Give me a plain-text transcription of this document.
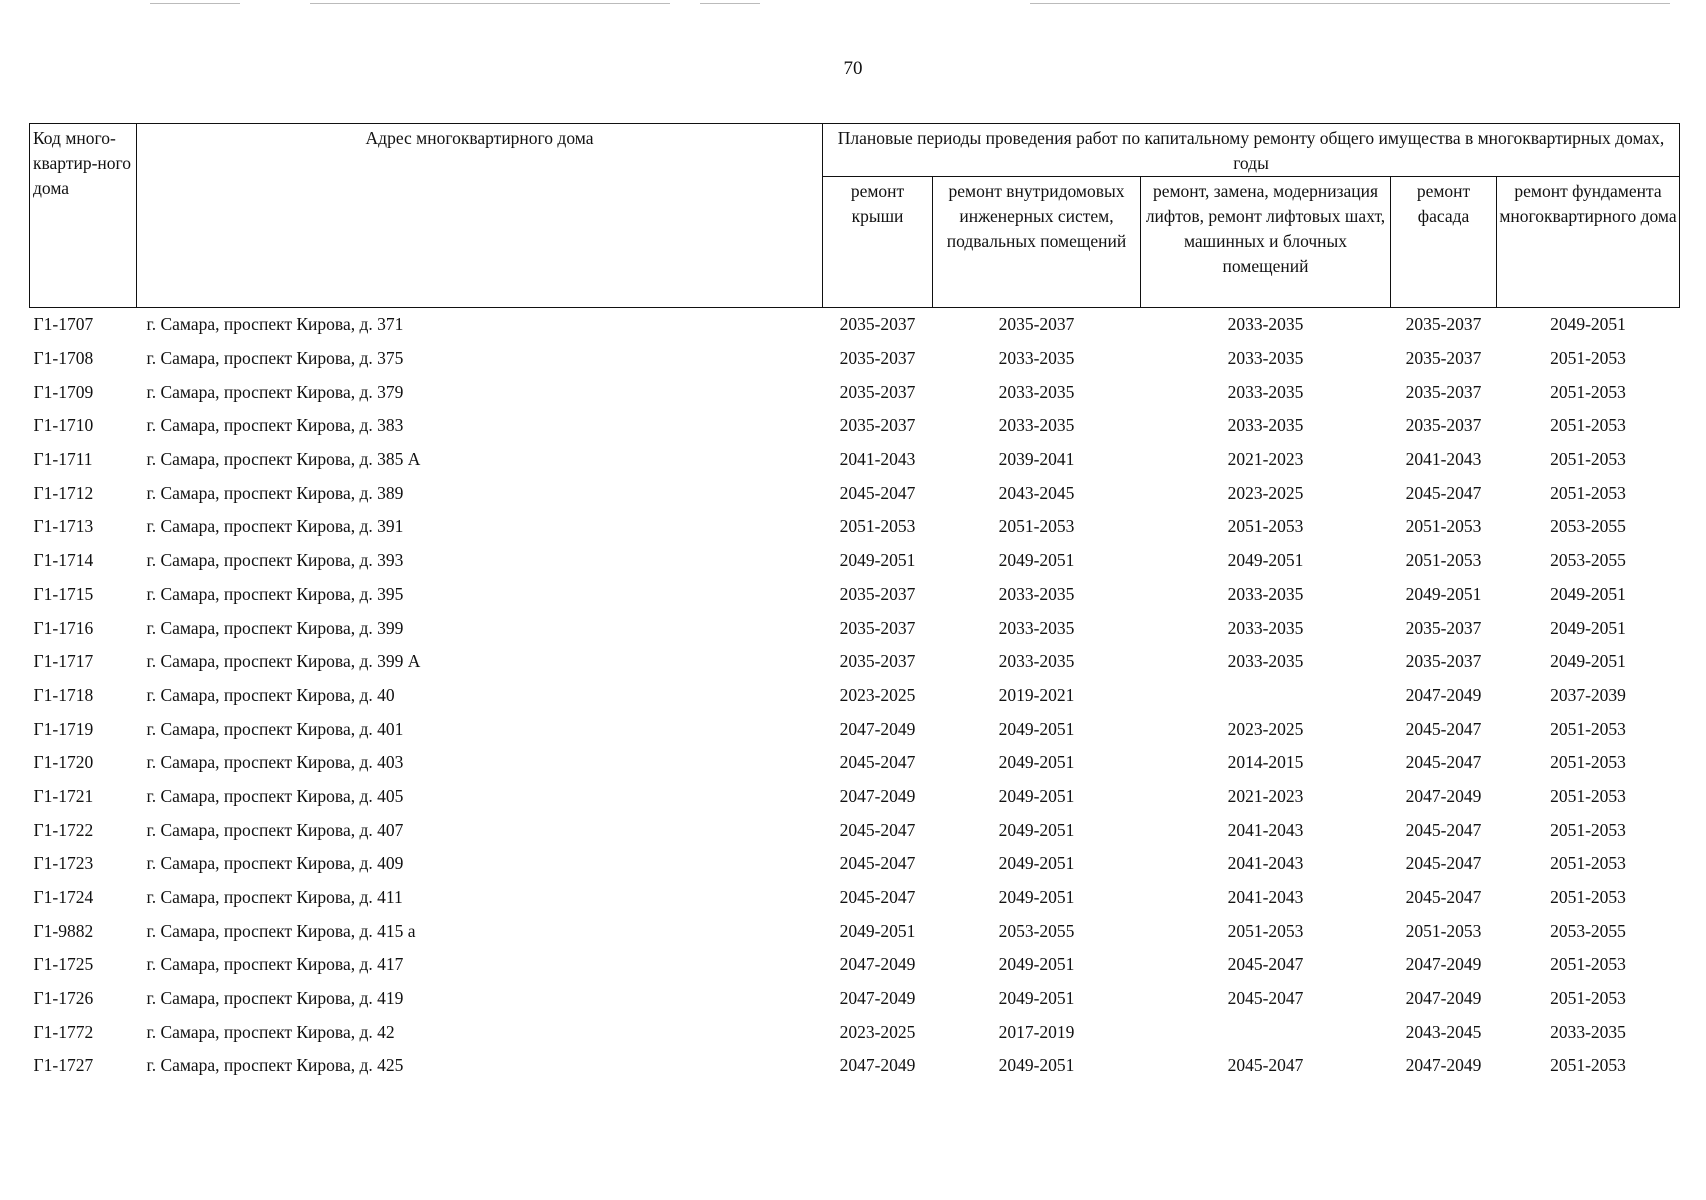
70
Код много-квартир-ного дома	Адрес многоквартирного дома	Плановые периоды проведения работ по капитальному ремонту общего имущества в многоквартирных домах, годы				
		ремонт крыши	ремонт внутридомовых инженерных систем, подвальных помещений	ремонт, замена, модернизация лифтов, ремонт лифтовых шахт, машинных и блочных помещений	ремонт фасада	ремонт фундамента многоквартирного дома
Г1-1707	г. Самара, проспект Кирова, д. 371	2035-2037	2035-2037	2033-2035	2035-2037	2049-2051
Г1-1708	г. Самара, проспект Кирова, д. 375	2035-2037	2033-2035	2033-2035	2035-2037	2051-2053
Г1-1709	г. Самара, проспект Кирова, д. 379	2035-2037	2033-2035	2033-2035	2035-2037	2051-2053
Г1-1710	г. Самара, проспект Кирова, д. 383	2035-2037	2033-2035	2033-2035	2035-2037	2051-2053
Г1-1711	г. Самара, проспект Кирова, д. 385 А	2041-2043	2039-2041	2021-2023	2041-2043	2051-2053
Г1-1712	г. Самара, проспект Кирова, д. 389	2045-2047	2043-2045	2023-2025	2045-2047	2051-2053
Г1-1713	г. Самара, проспект Кирова, д. 391	2051-2053	2051-2053	2051-2053	2051-2053	2053-2055
Г1-1714	г. Самара, проспект Кирова, д. 393	2049-2051	2049-2051	2049-2051	2051-2053	2053-2055
Г1-1715	г. Самара, проспект Кирова, д. 395	2035-2037	2033-2035	2033-2035	2049-2051	2049-2051
Г1-1716	г. Самара, проспект Кирова, д. 399	2035-2037	2033-2035	2033-2035	2035-2037	2049-2051
Г1-1717	г. Самара, проспект Кирова, д. 399 А	2035-2037	2033-2035	2033-2035	2035-2037	2049-2051
Г1-1718	г. Самара, проспект Кирова, д. 40	2023-2025	2019-2021		2047-2049	2037-2039
Г1-1719	г. Самара, проспект Кирова, д. 401	2047-2049	2049-2051	2023-2025	2045-2047	2051-2053
Г1-1720	г. Самара, проспект Кирова, д. 403	2045-2047	2049-2051	2014-2015	2045-2047	2051-2053
Г1-1721	г. Самара, проспект Кирова, д. 405	2047-2049	2049-2051	2021-2023	2047-2049	2051-2053
Г1-1722	г. Самара, проспект Кирова, д. 407	2045-2047	2049-2051	2041-2043	2045-2047	2051-2053
Г1-1723	г. Самара, проспект Кирова, д. 409	2045-2047	2049-2051	2041-2043	2045-2047	2051-2053
Г1-1724	г. Самара, проспект Кирова, д. 411	2045-2047	2049-2051	2041-2043	2045-2047	2051-2053
Г1-9882	г. Самара, проспект Кирова, д. 415 а	2049-2051	2053-2055	2051-2053	2051-2053	2053-2055
Г1-1725	г. Самара, проспект Кирова, д. 417	2047-2049	2049-2051	2045-2047	2047-2049	2051-2053
Г1-1726	г. Самара, проспект Кирова, д. 419	2047-2049	2049-2051	2045-2047	2047-2049	2051-2053
Г1-1772	г. Самара, проспект Кирова, д. 42	2023-2025	2017-2019		2043-2045	2033-2035
Г1-1727	г. Самара, проспект Кирова, д. 425	2047-2049	2049-2051	2045-2047	2047-2049	2051-2053
